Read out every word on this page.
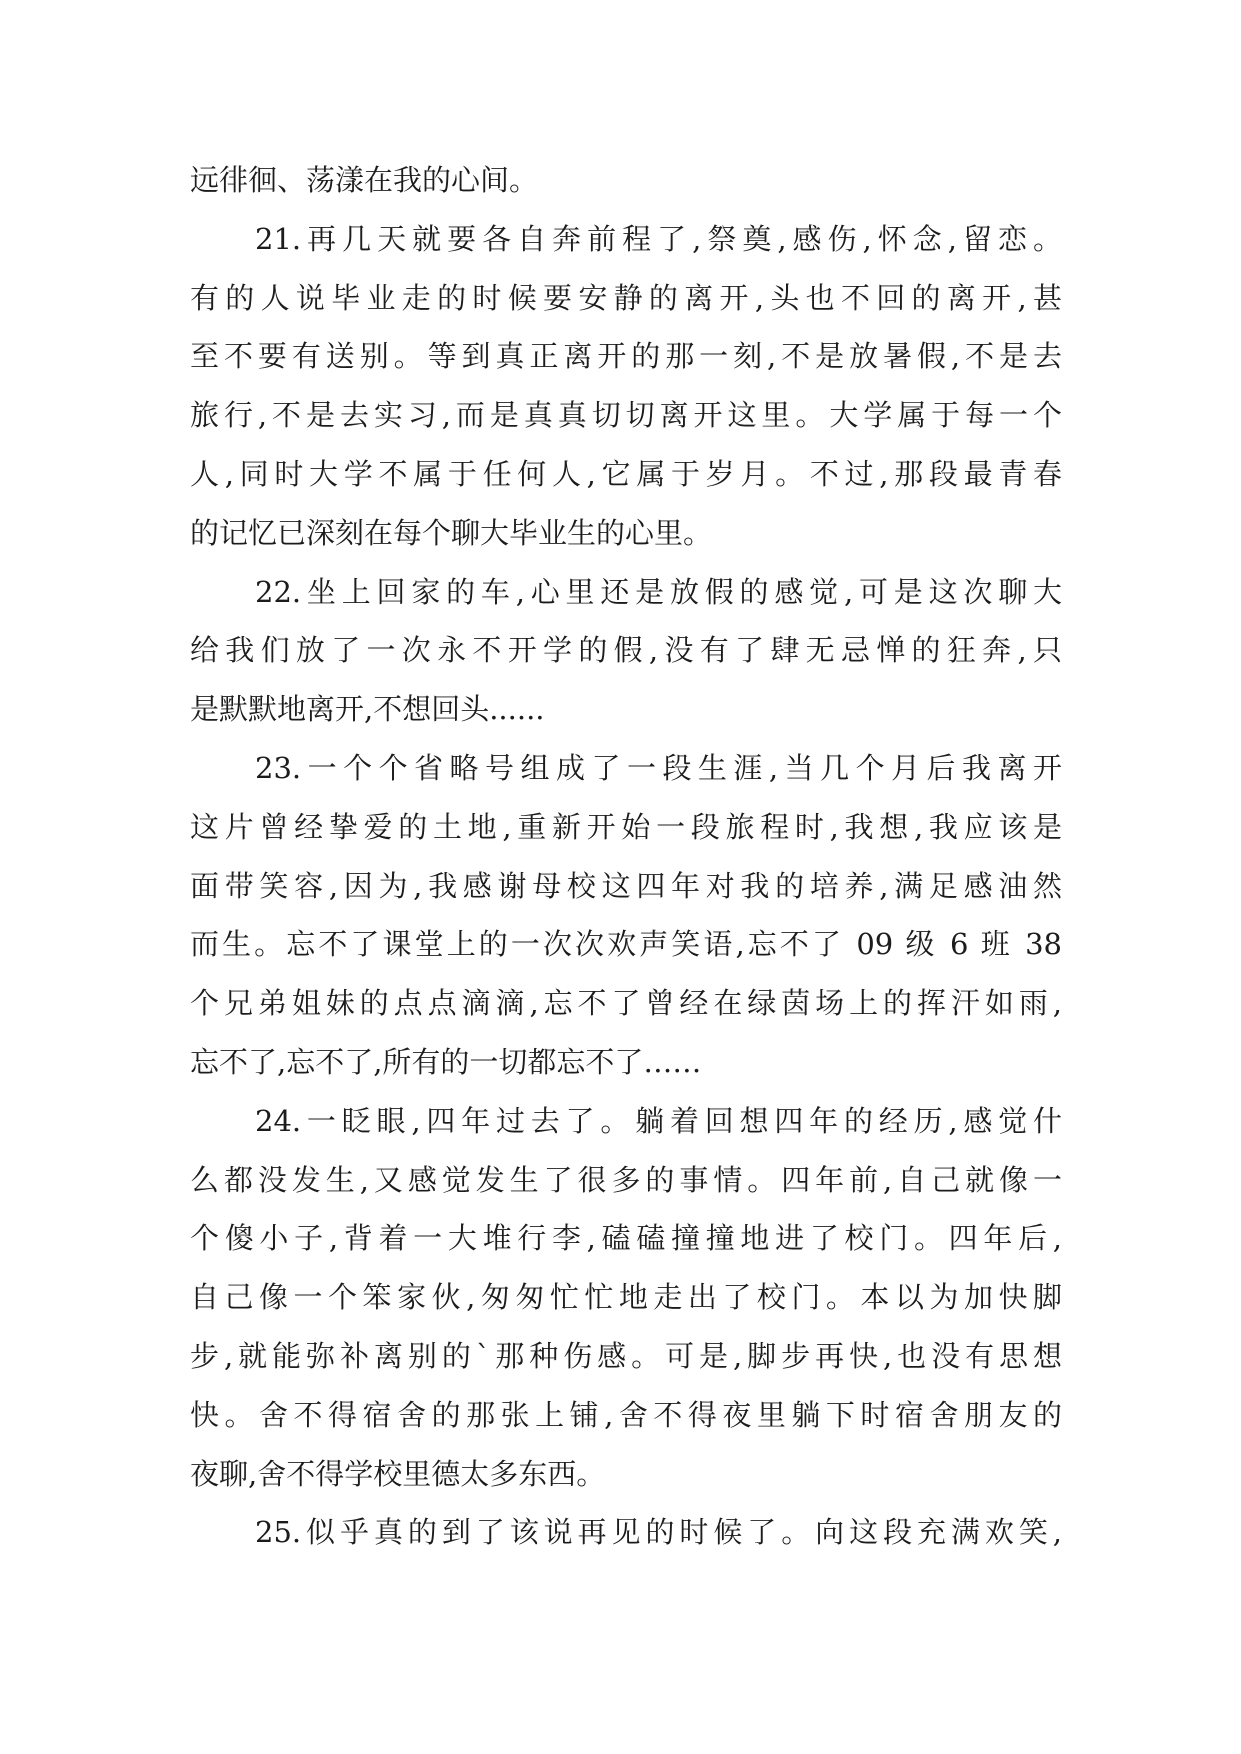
远徘徊、荡漾在我的心间。
21.再几天就要各自奔前程了,祭奠,感伤,怀念,留恋。
有的人说毕业走的时候要安静的离开,头也不回的离开,甚
至不要有送别。等到真正离开的那一刻,不是放暑假,不是去
旅行,不是去实习,而是真真切切离开这里。大学属于每一个
人,同时大学不属于任何人,它属于岁月。不过,那段最青春
的记忆已深刻在每个聊大毕业生的心里。
22.坐上回家的车,心里还是放假的感觉,可是这次聊大
给我们放了一次永不开学的假,没有了肆无忌惮的狂奔,只
是默默地离开,不想回头......
23.一个个省略号组成了一段生涯,当几个月后我离开
这片曾经挚爱的土地,重新开始一段旅程时,我想,我应该是
面带笑容,因为,我感谢母校这四年对我的培养,满足感油然
而生。忘不了课堂上的一次次欢声笑语,忘不了 09 级 6 班 38
个兄弟姐妹的点点滴滴,忘不了曾经在绿茵场上的挥汗如雨,
忘不了,忘不了,所有的一切都忘不了……
24.一眨眼,四年过去了。躺着回想四年的经历,感觉什
么都没发生,又感觉发生了很多的事情。四年前,自己就像一
个傻小子,背着一大堆行李,磕磕撞撞地进了校门。四年后,
自己像一个笨家伙,匆匆忙忙地走出了校门。本以为加快脚
步,就能弥补离别的`那种伤感。可是,脚步再快,也没有思想
快。舍不得宿舍的那张上铺,舍不得夜里躺下时宿舍朋友的
夜聊,舍不得学校里德太多东西。
25.似乎真的到了该说再见的时候了。向这段充满欢笑,
